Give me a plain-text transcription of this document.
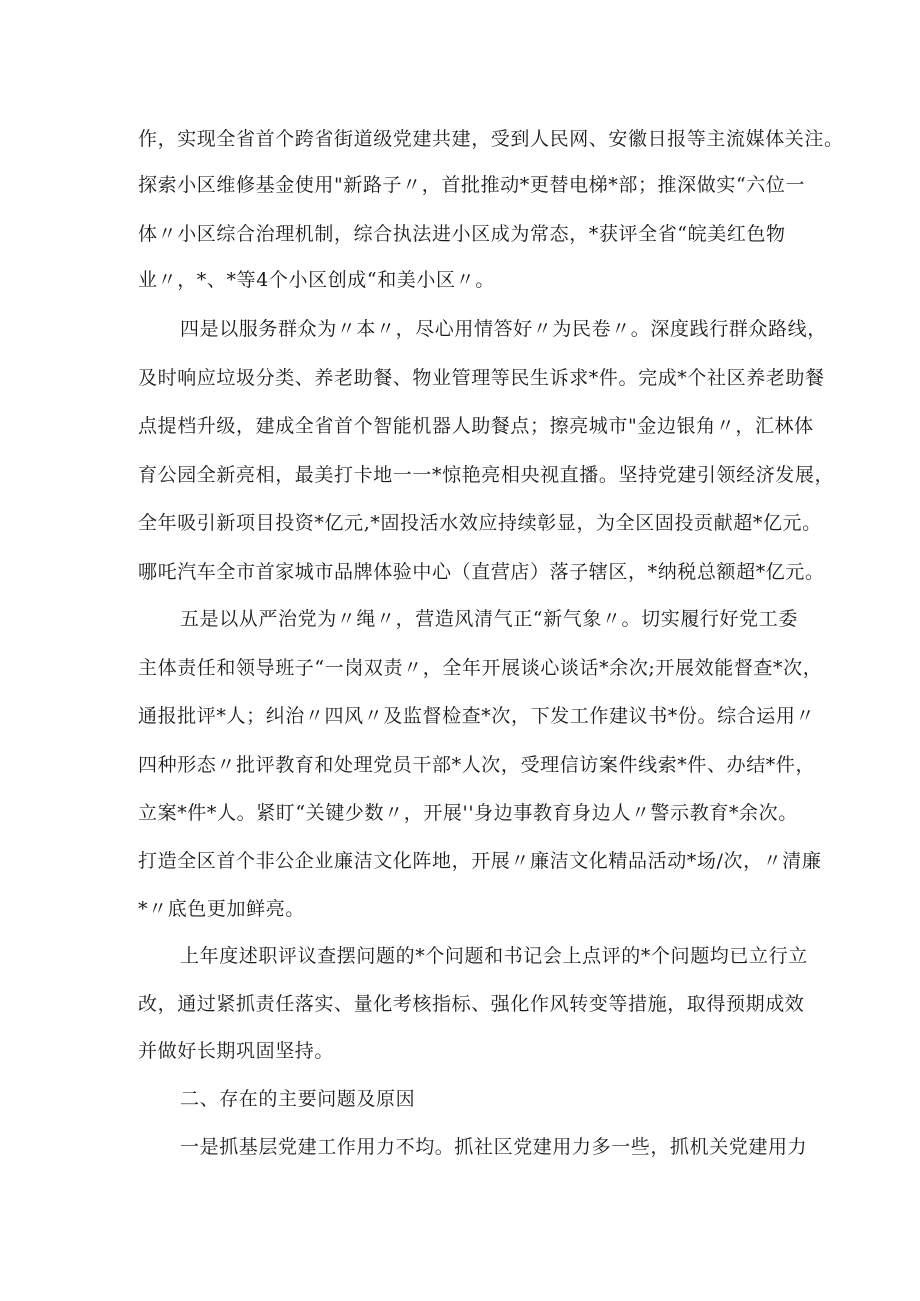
作，实现全省首个跨省街道级党建共建，受到人民网、安徽日报等主流媒体关注。
探索小区维修基金使用"新路子〃，首批推动*更替电梯*部；推深做实“六位一
体〃小区综合治理机制，综合执法进小区成为常态，*获评全省“皖美红色物
业〃，*、*等4个小区创成“和美小区〃。
四是以服务群众为〃本〃，尽心用情答好〃为民卷〃。深度践行群众路线，
及时响应垃圾分类、养老助餐、物业管理等民生诉求*件。完成*个社区养老助餐
点提档升级，建成全省首个智能机器人助餐点；擦亮城市"金边银角〃，汇林体
育公园全新亮相，最美打卡地一一*惊艳亮相央视直播。坚持党建引领经济发展，
全年吸引新项目投资*亿元,*固投活水效应持续彰显，为全区固投贡献超*亿元。
哪吒汽车全市首家城市品牌体验中心（直营店）落子辖区，*纳税总额超*亿元。
五是以从严治党为〃绳〃，营造风清气正“新气象〃。切实履行好党工委
主体责任和领导班子“一岗双责〃，全年开展谈心谈话*余次;开展效能督查*次，
通报批评*人；纠治〃四风〃及监督检查*次，下发工作建议书*份。综合运用〃
四种形态〃批评教育和处理党员干部*人次，受理信访案件线索*件、办结*件，
立案*件*人。紧盯“关键少数〃，开展''身边事教育身边人〃警示教育*余次。
打造全区首个非公企业廉洁文化阵地，开展〃廉洁文化精品活动*场/次，〃清廉
*〃底色更加鲜亮。
上年度述职评议查摆问题的*个问题和书记会上点评的*个问题均已立行立
改，通过紧抓责任落实、量化考核指标、强化作风转变等措施，取得预期成效
并做好长期巩固坚持。
二、存在的主要问题及原因
一是抓基层党建工作用力不均。抓社区党建用力多一些，抓机关党建用力
